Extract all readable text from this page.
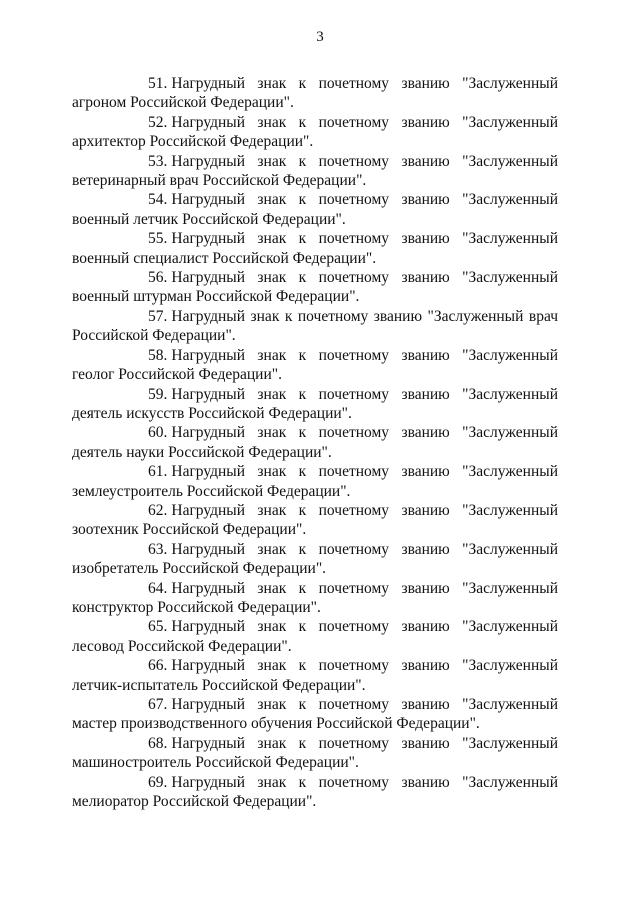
3
51. Нагрудный знак к почетному званию "Заслуженный агроном Российской Федерации".
52. Нагрудный знак к почетному званию "Заслуженный архитектор Российской Федерации".
53. Нагрудный знак к почетному званию "Заслуженный ветеринарный врач Российской Федерации".
54. Нагрудный знак к почетному званию "Заслуженный военный летчик Российской Федерации".
55. Нагрудный знак к почетному званию "Заслуженный военный специалист Российской Федерации".
56. Нагрудный знак к почетному званию "Заслуженный военный штурман Российской Федерации".
57. Нагрудный знак к почетному званию "Заслуженный врач Российской Федерации".
58. Нагрудный знак к почетному званию "Заслуженный геолог Российской Федерации".
59. Нагрудный знак к почетному званию "Заслуженный деятель искусств Российской Федерации".
60. Нагрудный знак к почетному званию "Заслуженный деятель науки Российской Федерации".
61. Нагрудный знак к почетному званию "Заслуженный землеустроитель Российской Федерации".
62. Нагрудный знак к почетному званию "Заслуженный зоотехник Российской Федерации".
63. Нагрудный знак к почетному званию "Заслуженный изобретатель Российской Федерации".
64. Нагрудный знак к почетному званию "Заслуженный конструктор Российской Федерации".
65. Нагрудный знак к почетному званию "Заслуженный лесовод Российской Федерации".
66. Нагрудный знак к почетному званию "Заслуженный летчик-испытатель Российской Федерации".
67. Нагрудный знак к почетному званию "Заслуженный мастер производственного обучения Российской Федерации".
68. Нагрудный знак к почетному званию "Заслуженный машиностроитель Российской Федерации".
69. Нагрудный знак к почетному званию "Заслуженный мелиоратор Российской Федерации".
